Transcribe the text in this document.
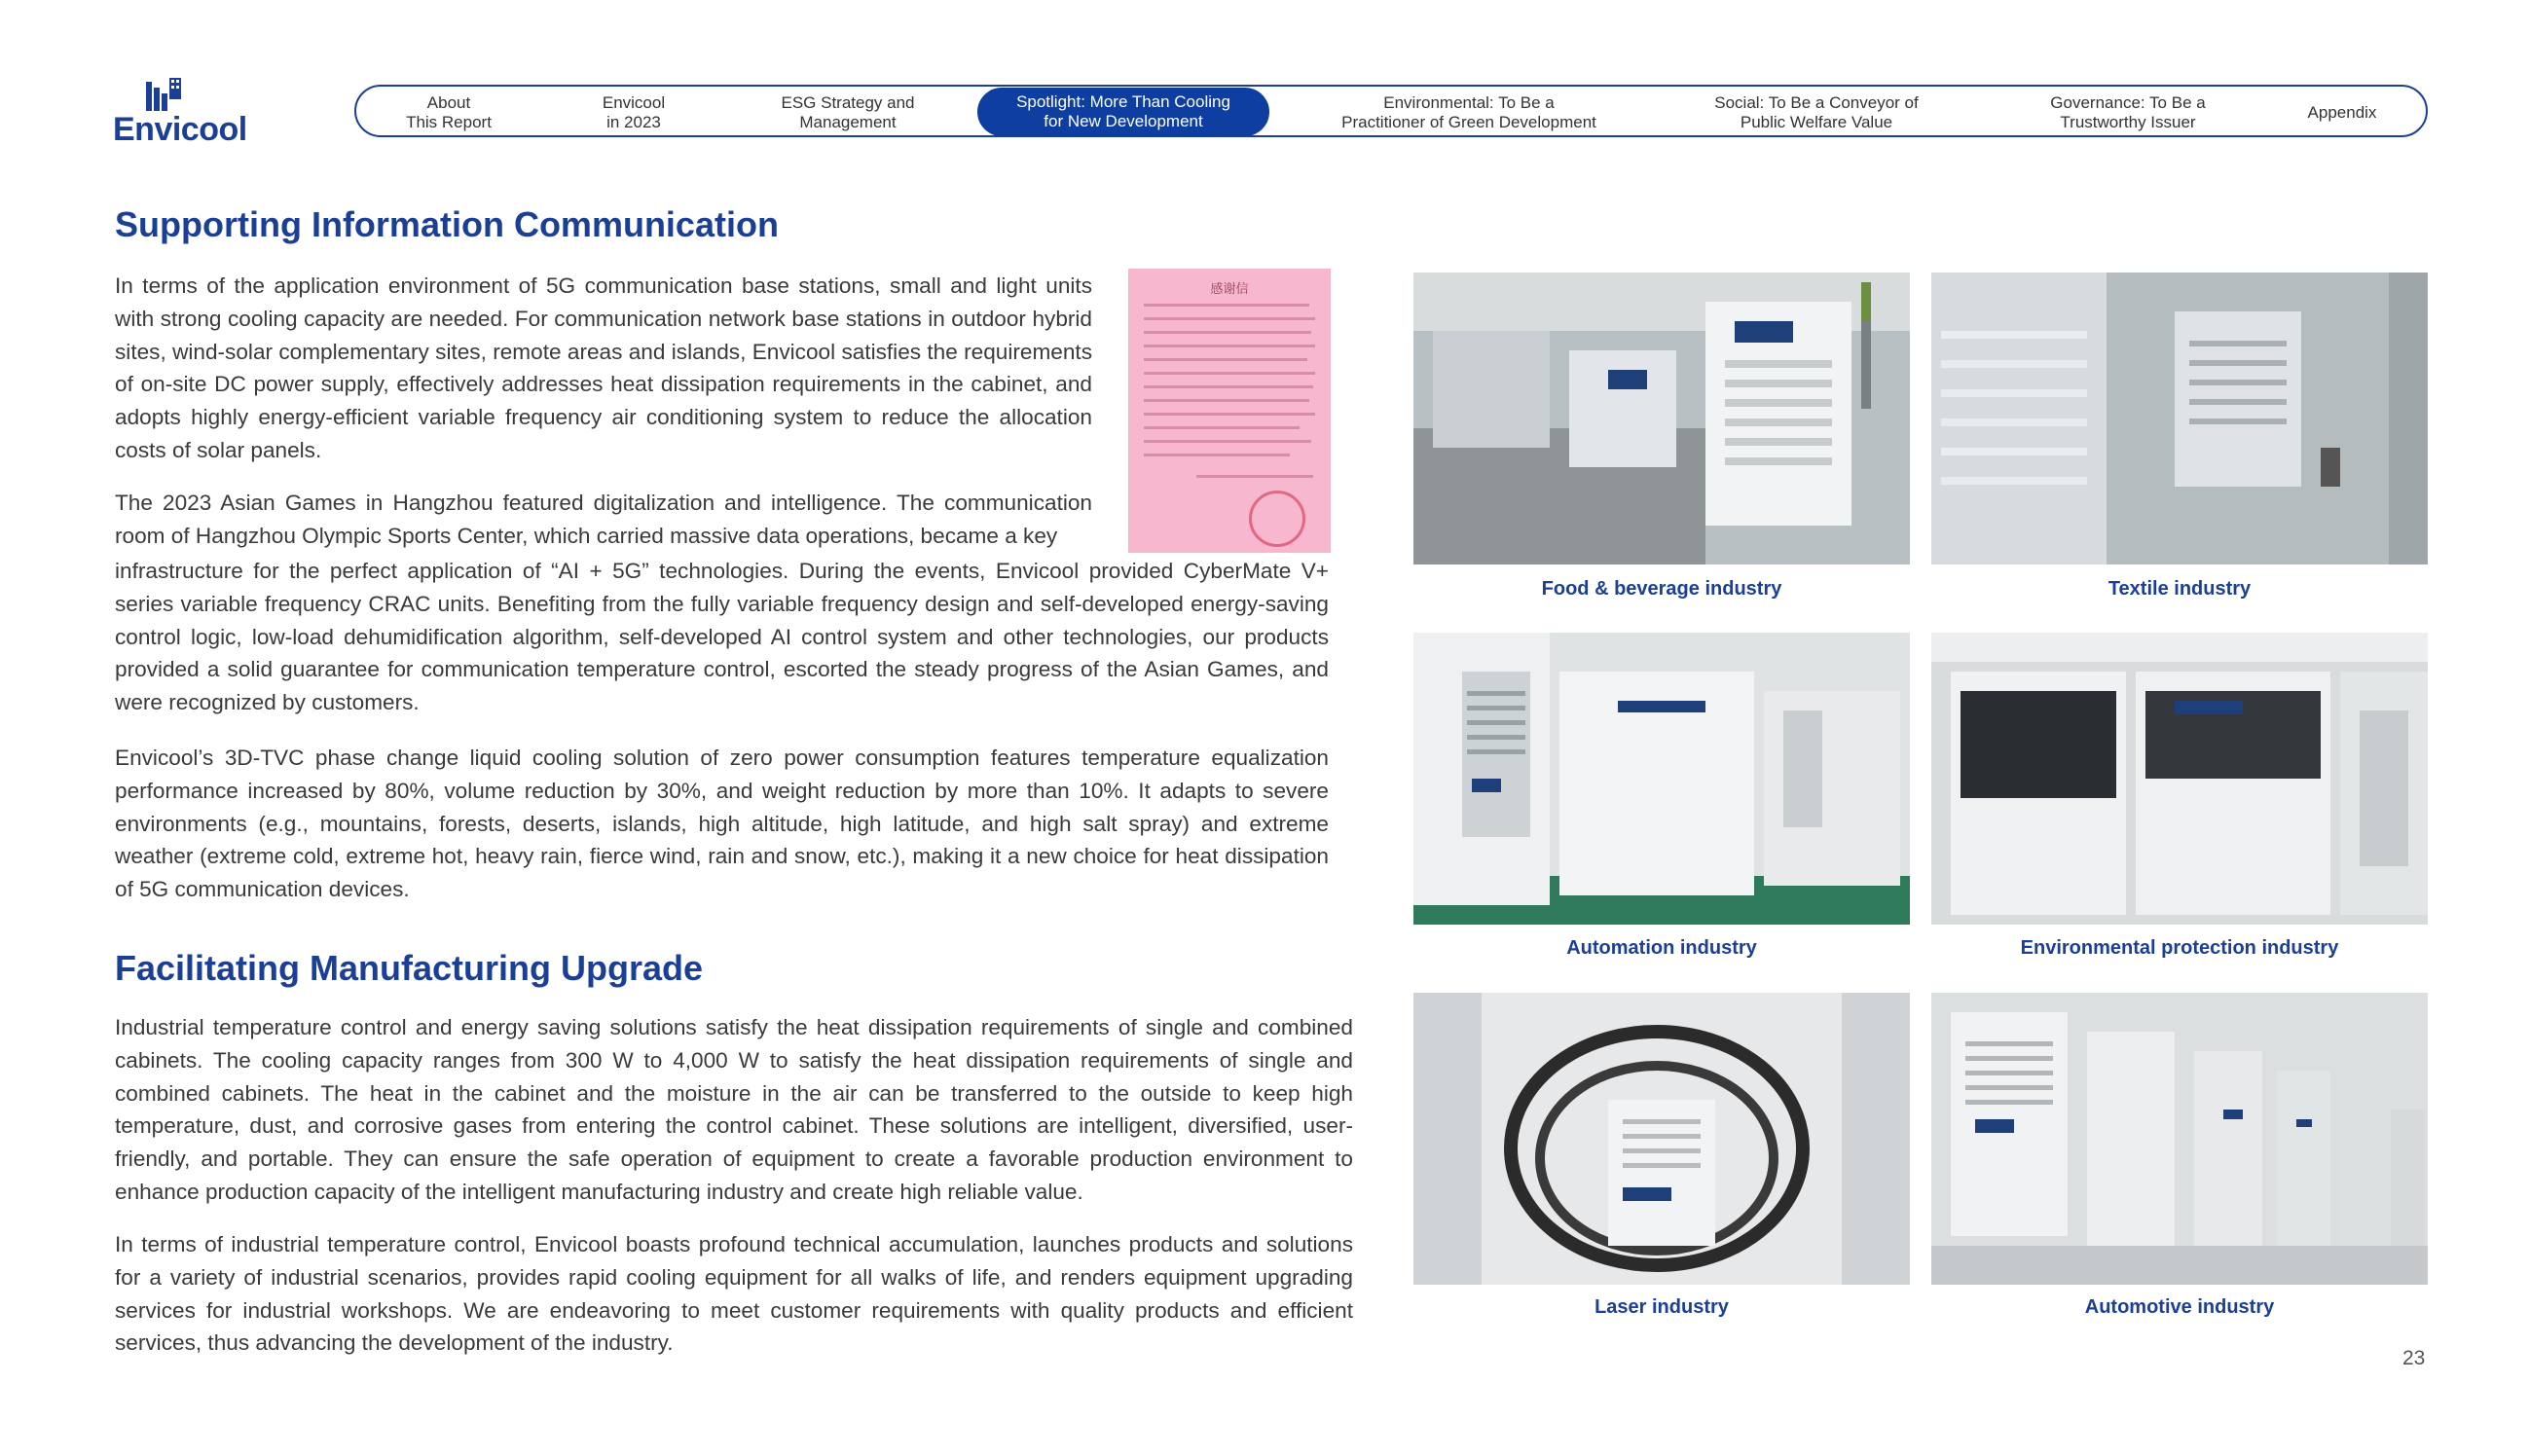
Envicool
About
This Report
Envicool
in 2023
ESG Strategy and
Management
Spotlight: More Than Cooling
for New Development
Environmental: To Be a
Practitioner of Green Development
Social: To Be a Conveyor of
Public Welfare Value
Governance: To Be a
Trustworthy Issuer
Appendix
Supporting Information Communication

In terms of the application environment of 5G communication base stations, small and light units with strong cooling capacity are needed. For communication network base stations in outdoor hybrid sites, wind-solar complementary sites, remote areas and islands, Envicool satisfies the requirements of on-site DC power supply, effectively addresses heat dissipation requirements in the cabinet, and adopts highly energy-efficient variable frequency air conditioning system to reduce the allocation costs of solar panels.

The 2023 Asian Games in Hangzhou featured digitalization and intelligence. The communication room of Hangzhou Olympic Sports Center, which carried massive data operations, became a key

infrastructure for the perfect application of “AI + 5G” technologies. During the events, Envicool provided CyberMate V+ series variable frequency CRAC units. Benefiting from the fully variable frequency design and self-developed energy-saving control logic, low-load dehumidification algorithm, self-developed AI control system and other technologies, our products provided a solid guarantee for communication temperature control, escorted the steady progress of the Asian Games, and were recognized by customers.

Envicool’s 3D-TVC phase change liquid cooling solution of zero power consumption features temperature equalization performance increased by 80%, volume reduction by 30%, and weight reduction by more than 10%. It adapts to severe environments (e.g., mountains, forests, deserts, islands, high altitude, high latitude, and high salt spray) and extreme weather (extreme cold, extreme hot, heavy rain, fierce wind, rain and snow, etc.), making it a new choice for heat dissipation of 5G communication devices.

感谢信
Facilitating Manufacturing Upgrade

Industrial temperature control and energy saving solutions satisfy the heat dissipation requirements of single and combined cabinets. The cooling capacity ranges from 300 W to 4,000 W to satisfy the heat dissipation requirements of single and combined cabinets. The heat in the cabinet and the moisture in the air can be transferred to the outside to keep high temperature, dust, and corrosive gases from entering the control cabinet. These solutions are intelligent, diversified, user-friendly, and portable. They can ensure the safe operation of equipment to create a favorable production environment to enhance production capacity of the intelligent manufacturing industry and create high reliable value.

In terms of industrial temperature control, Envicool boasts profound technical accumulation, launches products and solutions for a variety of industrial scenarios, provides rapid cooling equipment for all walks of life, and renders equipment upgrading services for industrial workshops. We are endeavoring to meet customer requirements with quality products and efficient services, thus advancing the development of the industry.

Food & beverage industry	Textile industry
Automation industry	Environmental protection industry
Laser industry	Automotive industry
23
